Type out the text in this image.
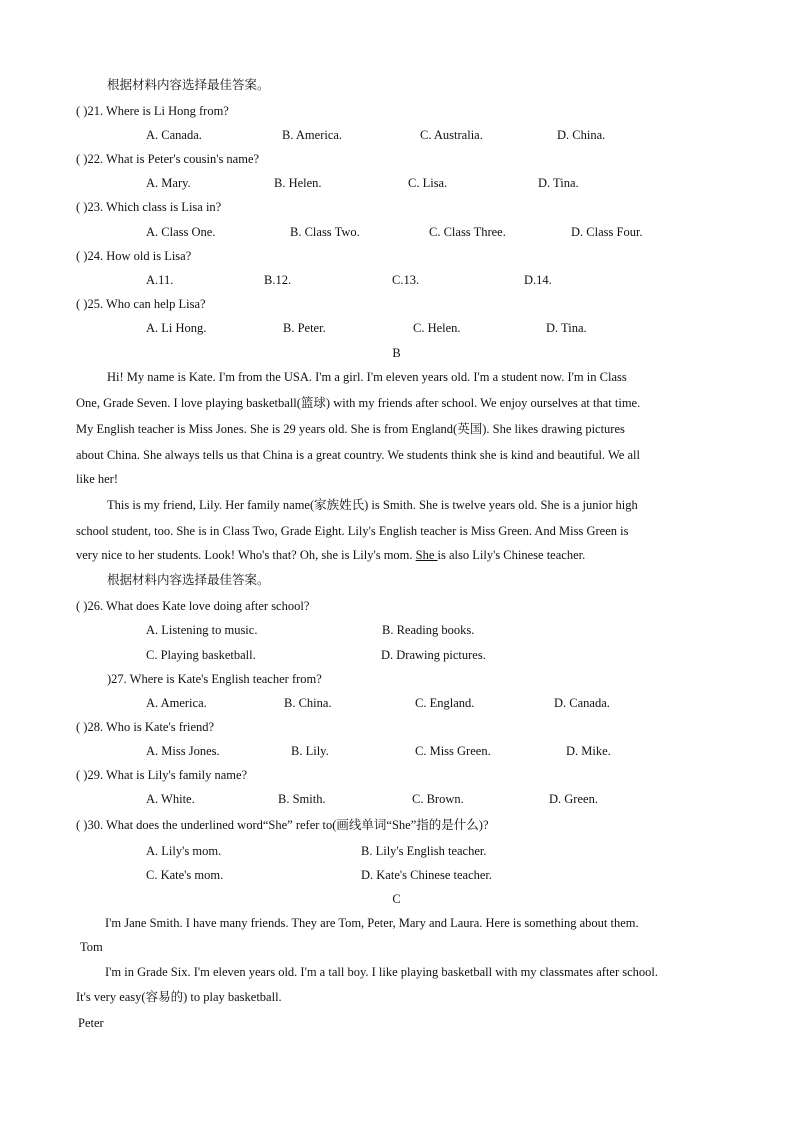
根据材料内容选择最佳答案。
( )21. Where is Li Hong from?
A. Canada.	B. America.	C. Australia.	D. China.
( )22. What is Peter's cousin's name?
A. Mary.	B. Helen.	C. Lisa.	D. Tina.
( )23. Which class is Lisa in?
A. Class One.	B. Class Two.	C. Class Three.	D. Class Four.
( )24. How old is Lisa?
A.11.	B.12.	C.13.	D.14.
( )25. Who can help Lisa?
A. Li Hong.	B. Peter.	C. Helen.	D. Tina.
B
Hi! My name is Kate. I'm from the USA. I'm a girl. I'm eleven years old. I'm a student now. I'm in Class
One, Grade Seven. I love playing basketball(篮球) with my friends after school. We enjoy ourselves at that time.
My English teacher is Miss Jones. She is 29 years old. She is from England(英国). She likes drawing pictures
about China. She always tells us that China is a great country. We students think she is kind and beautiful. We all
like her!
This is my friend, Lily. Her family name(家族姓氏) is Smith. She is twelve years old. She is a junior high
school student, too. She is in Class Two, Grade Eight. Lily's English teacher is Miss Green. And Miss Green is
very nice to her students. Look! Who's that? Oh, she is Lily's mom. She is also Lily's Chinese teacher.
根据材料内容选择最佳答案。
( )26. What does Kate love doing after school?
A. Listening to music.	B. Reading books.
C. Playing basketball.	D. Drawing pictures.
)27. Where is Kate's English teacher from?
A. America.	B. China.	C. England.	D. Canada.
( )28. Who is Kate's friend?
A. Miss Jones.	B. Lily.	C. Miss Green.	D. Mike.
( )29. What is Lily's family name?
A. White.	B. Smith.	C. Brown.	D. Green.
( )30. What does the underlined word“She” refer to(画线单词“She”指的是什么)?
A. Lily's mom.	B. Lily's English teacher.
C. Kate's mom.	D. Kate's Chinese teacher.
C
I'm Jane Smith. I have many friends. They are Tom, Peter, Mary and Laura. Here is something about them.
Tom
I'm in Grade Six. I'm eleven years old. I'm a tall boy. I like playing basketball with my classmates after school.
It's very easy(容易的) to play basketball.
Peter
